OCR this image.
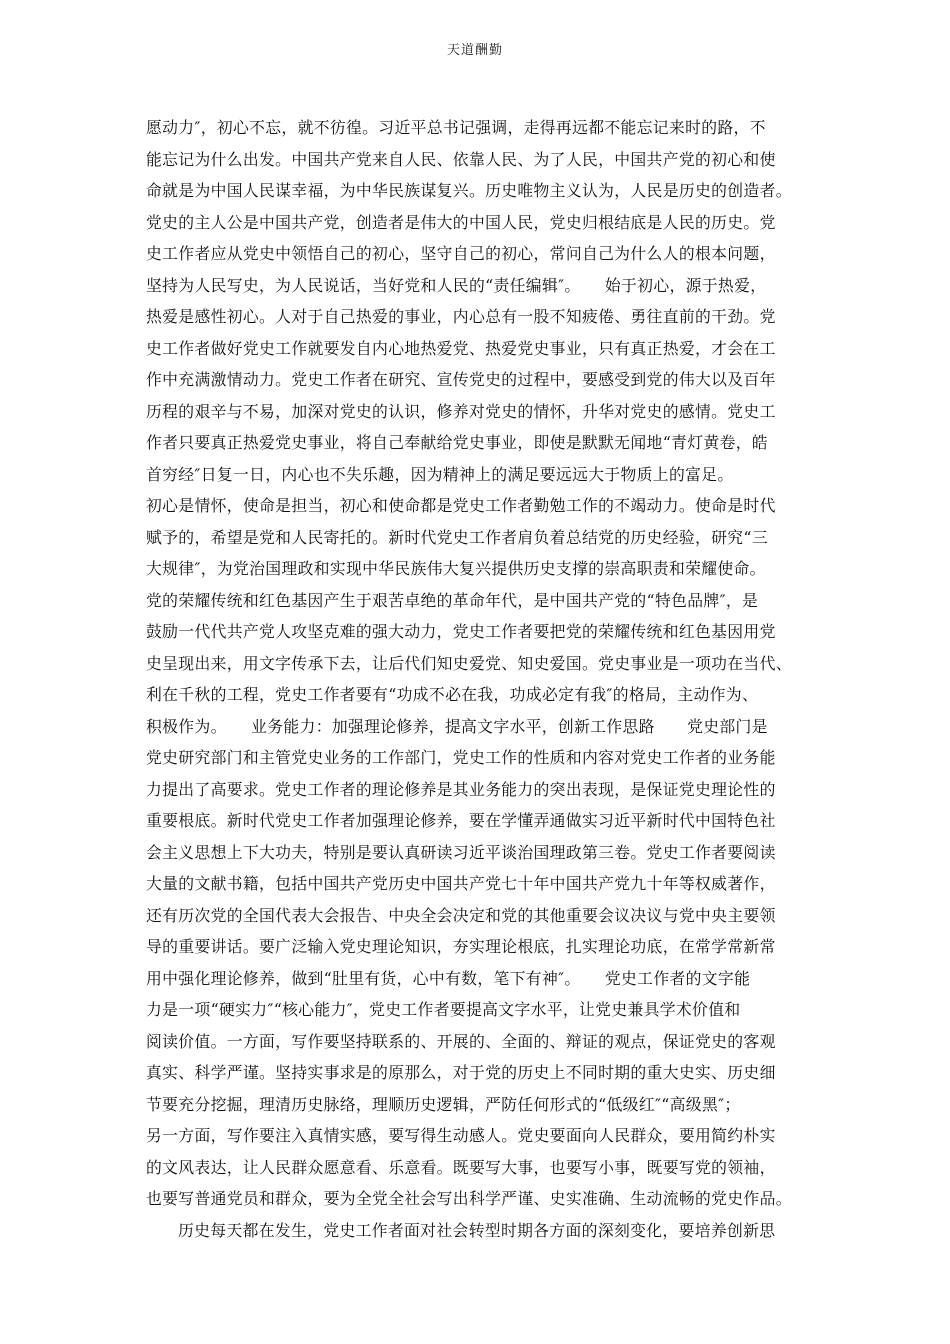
天道酬勤
愿动力″，初心不忘，就不彷徨。习近平总书记强调，走得再远都不能忘记来时的路，不
能忘记为什么出发。中国共产党来自人民、依靠人民、为了人民，中国共产党的初心和使
命就是为中国人民谋幸福，为中华民族谋复兴。历史唯物主义认为，人民是历史的创造者。
党史的主人公是中国共产党，创造者是伟大的中国人民，党史归根结底是人民的历史。党
史工作者应从党史中领悟自己的初心，坚守自己的初心，常问自己为什么人的根本问题，
坚持为人民写史，为人民说话，当好党和人民的“责任编辑″。　　始于初心，源于热爱，
热爱是感性初心。人对于自己热爱的事业，内心总有一股不知疲倦、勇往直前的干劲。党
史工作者做好党史工作就要发自内心地热爱党、热爱党史事业，只有真正热爱，才会在工
作中充满激情动力。党史工作者在研究、宣传党史的过程中，要感受到党的伟大以及百年
历程的艰辛与不易，加深对党史的认识，修养对党史的情怀，升华对党史的感情。党史工
作者只要真正热爱党史事业，将自己奉献给党史事业，即使是默默无闻地“青灯黄卷，皓
首穷经″日复一日，内心也不失乐趣，因为精神上的满足要远远大于物质上的富足。
初心是情怀，使命是担当，初心和使命都是党史工作者勤勉工作的不竭动力。使命是时代
赋予的，希望是党和人民寄托的。新时代党史工作者肩负着总结党的历史经验，研究“三
大规律″，为党治国理政和实现中华民族伟大复兴提供历史支撑的崇高职责和荣耀使命。
党的荣耀传统和红色基因产生于艰苦卓绝的革命年代，是中国共产党的“特色品牌″，是
鼓励一代代共产党人攻坚克难的强大动力，党史工作者要把党的荣耀传统和红色基因用党
史呈现出来，用文字传承下去，让后代们知史爱党、知史爱国。党史事业是一项功在当代、
利在千秋的工程，党史工作者要有“功成不必在我，功成必定有我″的格局，主动作为、
积极作为。　　业务能力：加强理论修养，提高文字水平，创新工作思路　　党史部门是
党史研究部门和主管党史业务的工作部门，党史工作的性质和内容对党史工作者的业务能
力提出了高要求。党史工作者的理论修养是其业务能力的突出表现，是保证党史理论性的
重要根底。新时代党史工作者加强理论修养，要在学懂弄通做实习近平新时代中国特色社
会主义思想上下大功夫，特别是要认真研读习近平谈治国理政第三卷。党史工作者要阅读
大量的文献书籍，包括中国共产党历史中国共产党七十年中国共产党九十年等权威著作，
还有历次党的全国代表大会报告、中央全会决定和党的其他重要会议决议与党中央主要领
导的重要讲话。要广泛输入党史理论知识，夯实理论根底，扎实理论功底，在常学常新常
用中强化理论修养，做到“肚里有货，心中有数，笔下有神″。　　党史工作者的文字能
力是一项“硬实力″“核心能力″，党史工作者要提高文字水平，让党史兼具学术价值和
阅读价值。一方面，写作要坚持联系的、开展的、全面的、辩证的观点，保证党史的客观
真实、科学严谨。坚持实事求是的原那么，对于党的历史上不同时期的重大史实、历史细
节要充分挖掘，理清历史脉络，理顺历史逻辑，严防任何形式的“低级红″“高级黑″；
另一方面，写作要注入真情实感，要写得生动感人。党史要面向人民群众，要用简约朴实
的文风表达，让人民群众愿意看、乐意看。既要写大事，也要写小事，既要写党的领袖，
也要写普通党员和群众，要为全党全社会写出科学严谨、史实准确、生动流畅的党史作品。
历史每天都在发生，党史工作者面对社会转型时期各方面的深刻变化，要培养创新思
